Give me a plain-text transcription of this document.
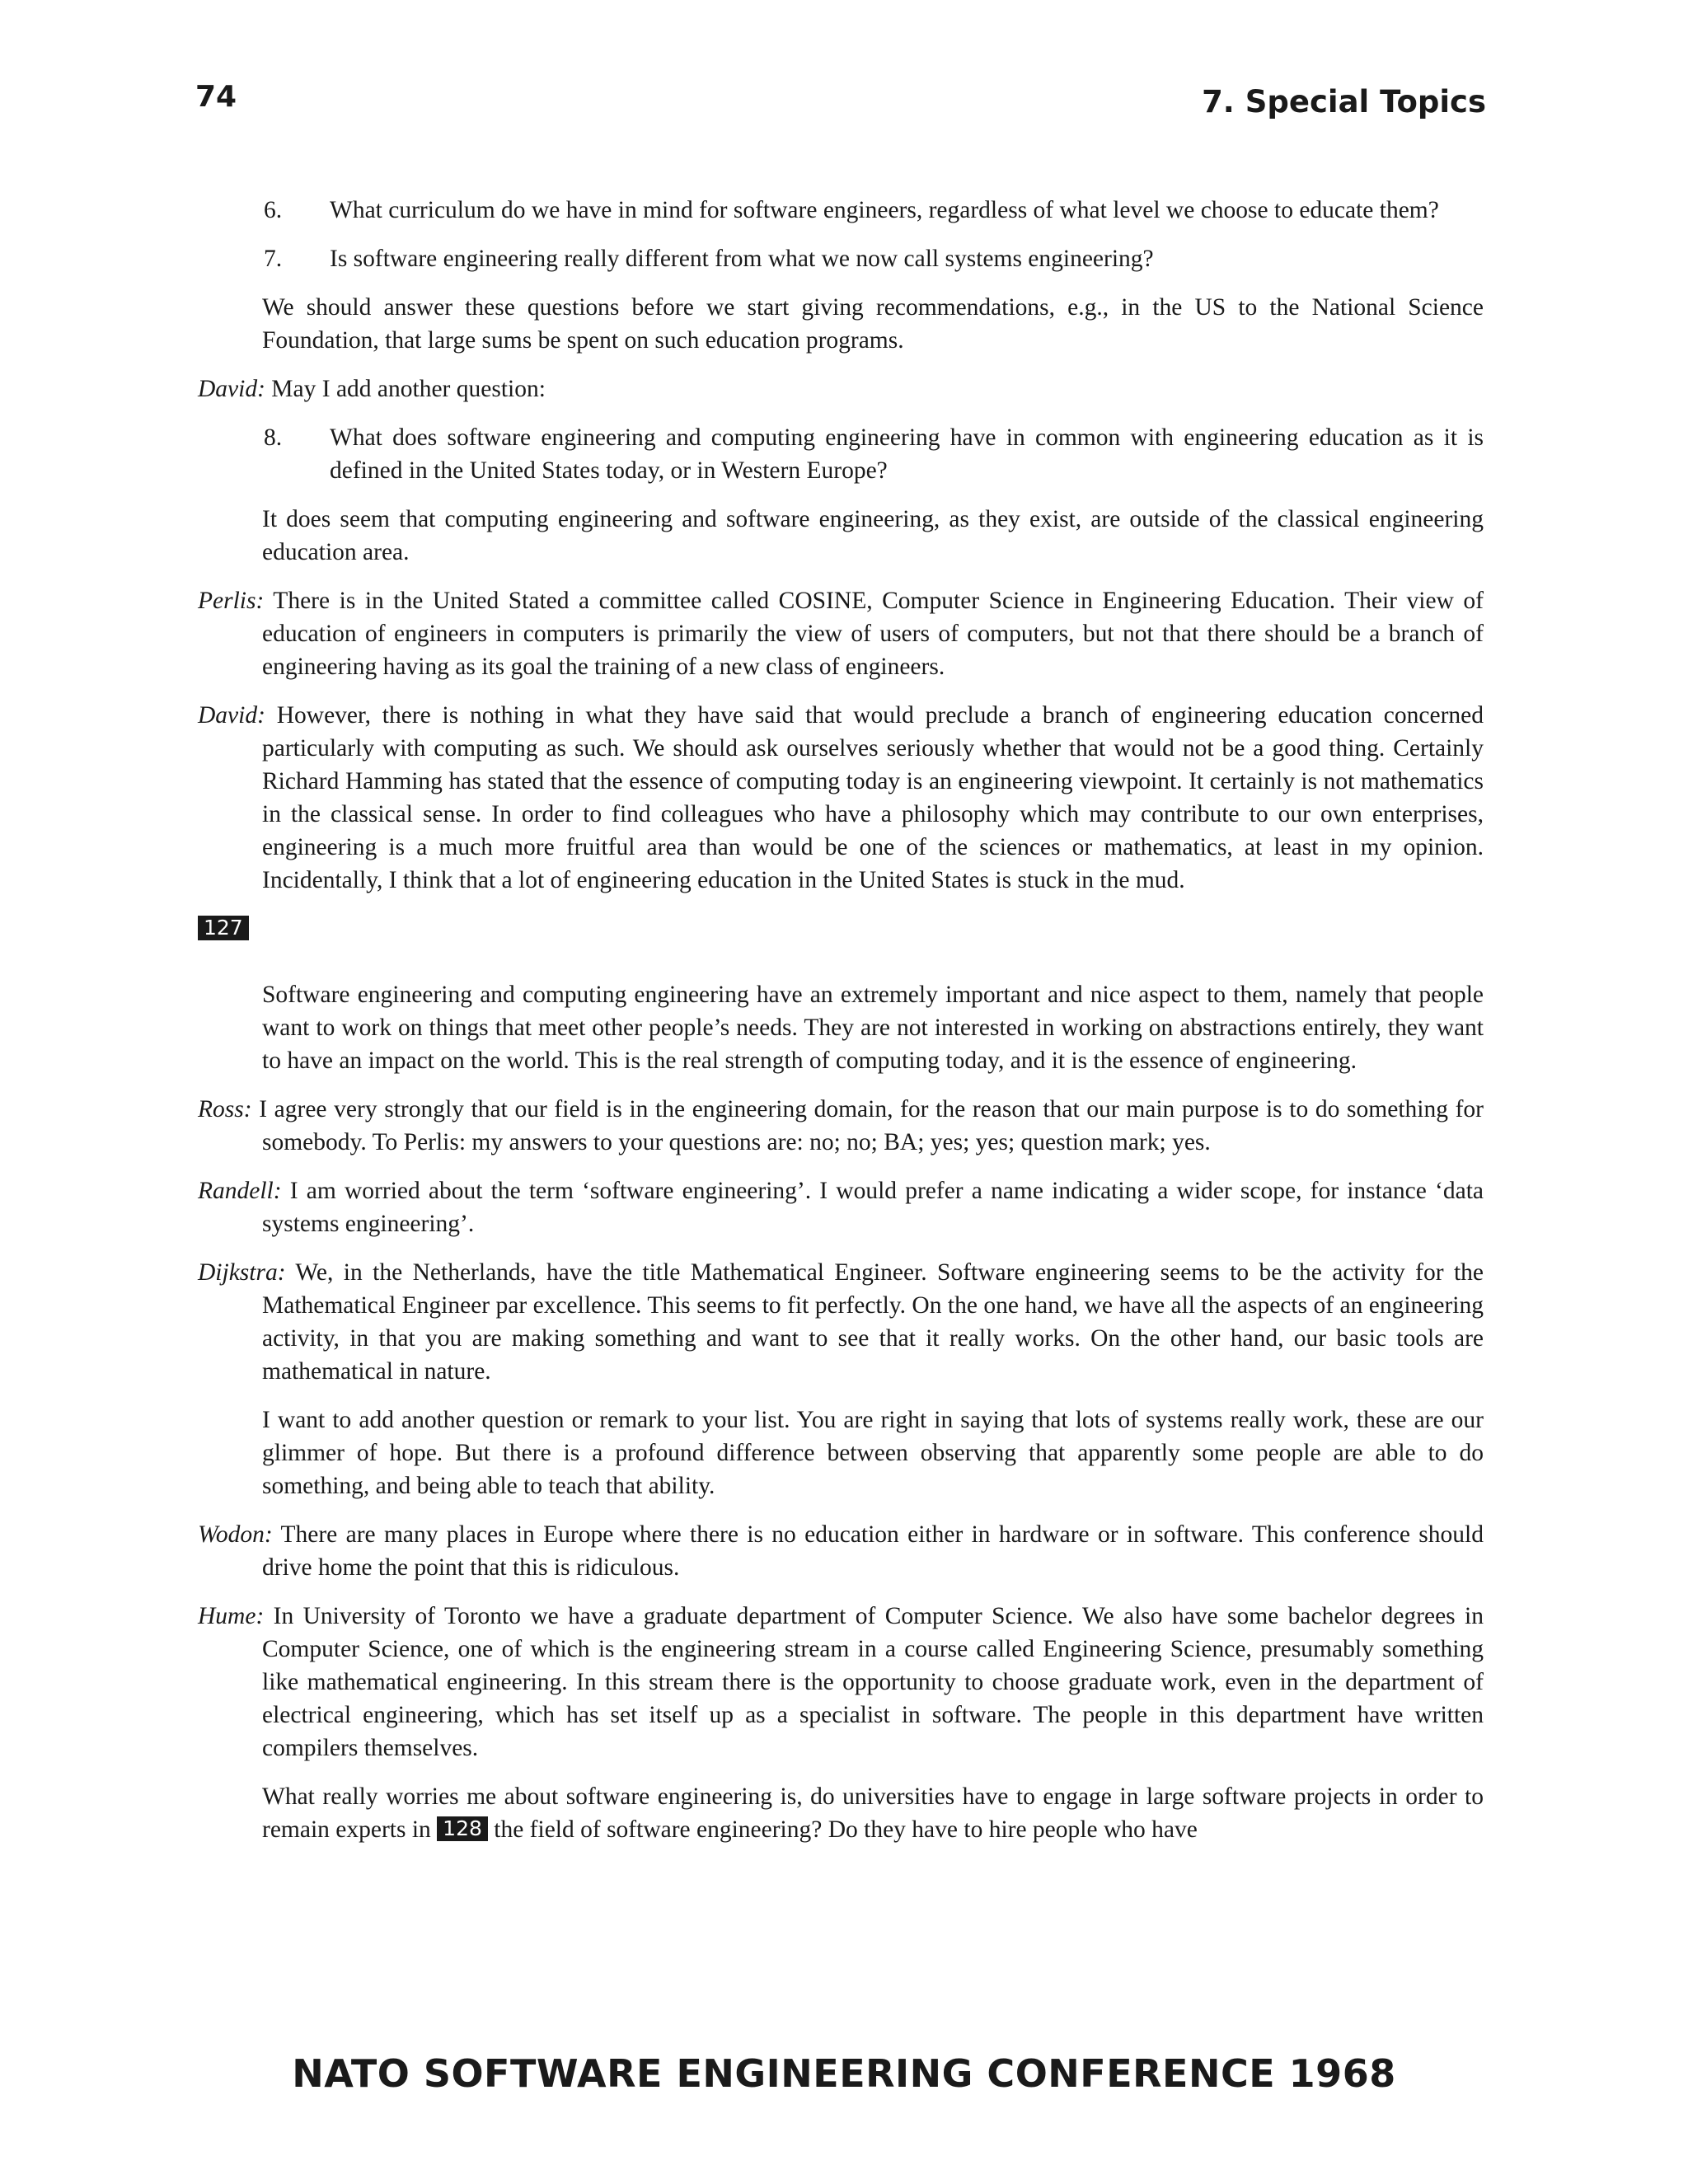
74	7. Special Topics
6. What curriculum do we have in mind for software engineers, regardless of what level we choose to educate them?
7. Is software engineering really different from what we now call systems engineering?
We should answer these questions before we start giving recommendations, e.g., in the US to the National Science Foundation, that large sums be spent on such education programs.
David: May I add another question:
8. What does software engineering and computing engineering have in common with engineering education as it is defined in the United States today, or in Western Europe?
It does seem that computing engineering and software engineering, as they exist, are outside of the classical engineering education area.
Perlis: There is in the United Stated a committee called COSINE, Computer Science in Engineering Education. Their view of education of engineers in computers is primarily the view of users of computers, but not that there should be a branch of engineering having as its goal the training of a new class of engineers.
David: However, there is nothing in what they have said that would preclude a branch of engineering education concerned particularly with computing as such. We should ask ourselves seriously whether that would not be a good thing. Certainly Richard Hamming has stated that the essence of computing today is an engineering viewpoint. It certainly is not mathematics in the classical sense. In order to find colleagues who have a philosophy which may contribute to our own enterprises, engineering is a much more fruitful area than would be one of the sciences or mathematics, at least in my opinion. Incidentally, I think that a lot of engineering education in the United States is stuck in the mud.
127
Software engineering and computing engineering have an extremely important and nice aspect to them, namely that people want to work on things that meet other people’s needs. They are not interested in working on abstractions entirely, they want to have an impact on the world. This is the real strength of computing today, and it is the essence of engineering.
Ross: I agree very strongly that our field is in the engineering domain, for the reason that our main purpose is to do something for somebody. To Perlis: my answers to your questions are: no; no; BA; yes; yes; question mark; yes.
Randell: I am worried about the term ‘software engineering’. I would prefer a name indicating a wider scope, for instance ‘data systems engineering’.
Dijkstra: We, in the Netherlands, have the title Mathematical Engineer. Software engineering seems to be the activity for the Mathematical Engineer par excellence. This seems to fit perfectly. On the one hand, we have all the aspects of an engineering activity, in that you are making something and want to see that it really works. On the other hand, our basic tools are mathematical in nature.
I want to add another question or remark to your list. You are right in saying that lots of systems really work, these are our glimmer of hope. But there is a profound difference between observing that apparently some people are able to do something, and being able to teach that ability.
Wodon: There are many places in Europe where there is no education either in hardware or in software. This conference should drive home the point that this is ridiculous.
Hume: In University of Toronto we have a graduate department of Computer Science. We also have some bachelor degrees in Computer Science, one of which is the engineering stream in a course called Engineering Science, presumably something like mathematical engineering. In this stream there is the opportunity to choose graduate work, even in the department of electrical engineering, which has set itself up as a specialist in software. The people in this department have written compilers themselves.
What really worries me about software engineering is, do universities have to engage in large software projects in order to remain experts in 128 the field of software engineering? Do they have to hire people who have
NATO SOFTWARE ENGINEERING CONFERENCE 1968
